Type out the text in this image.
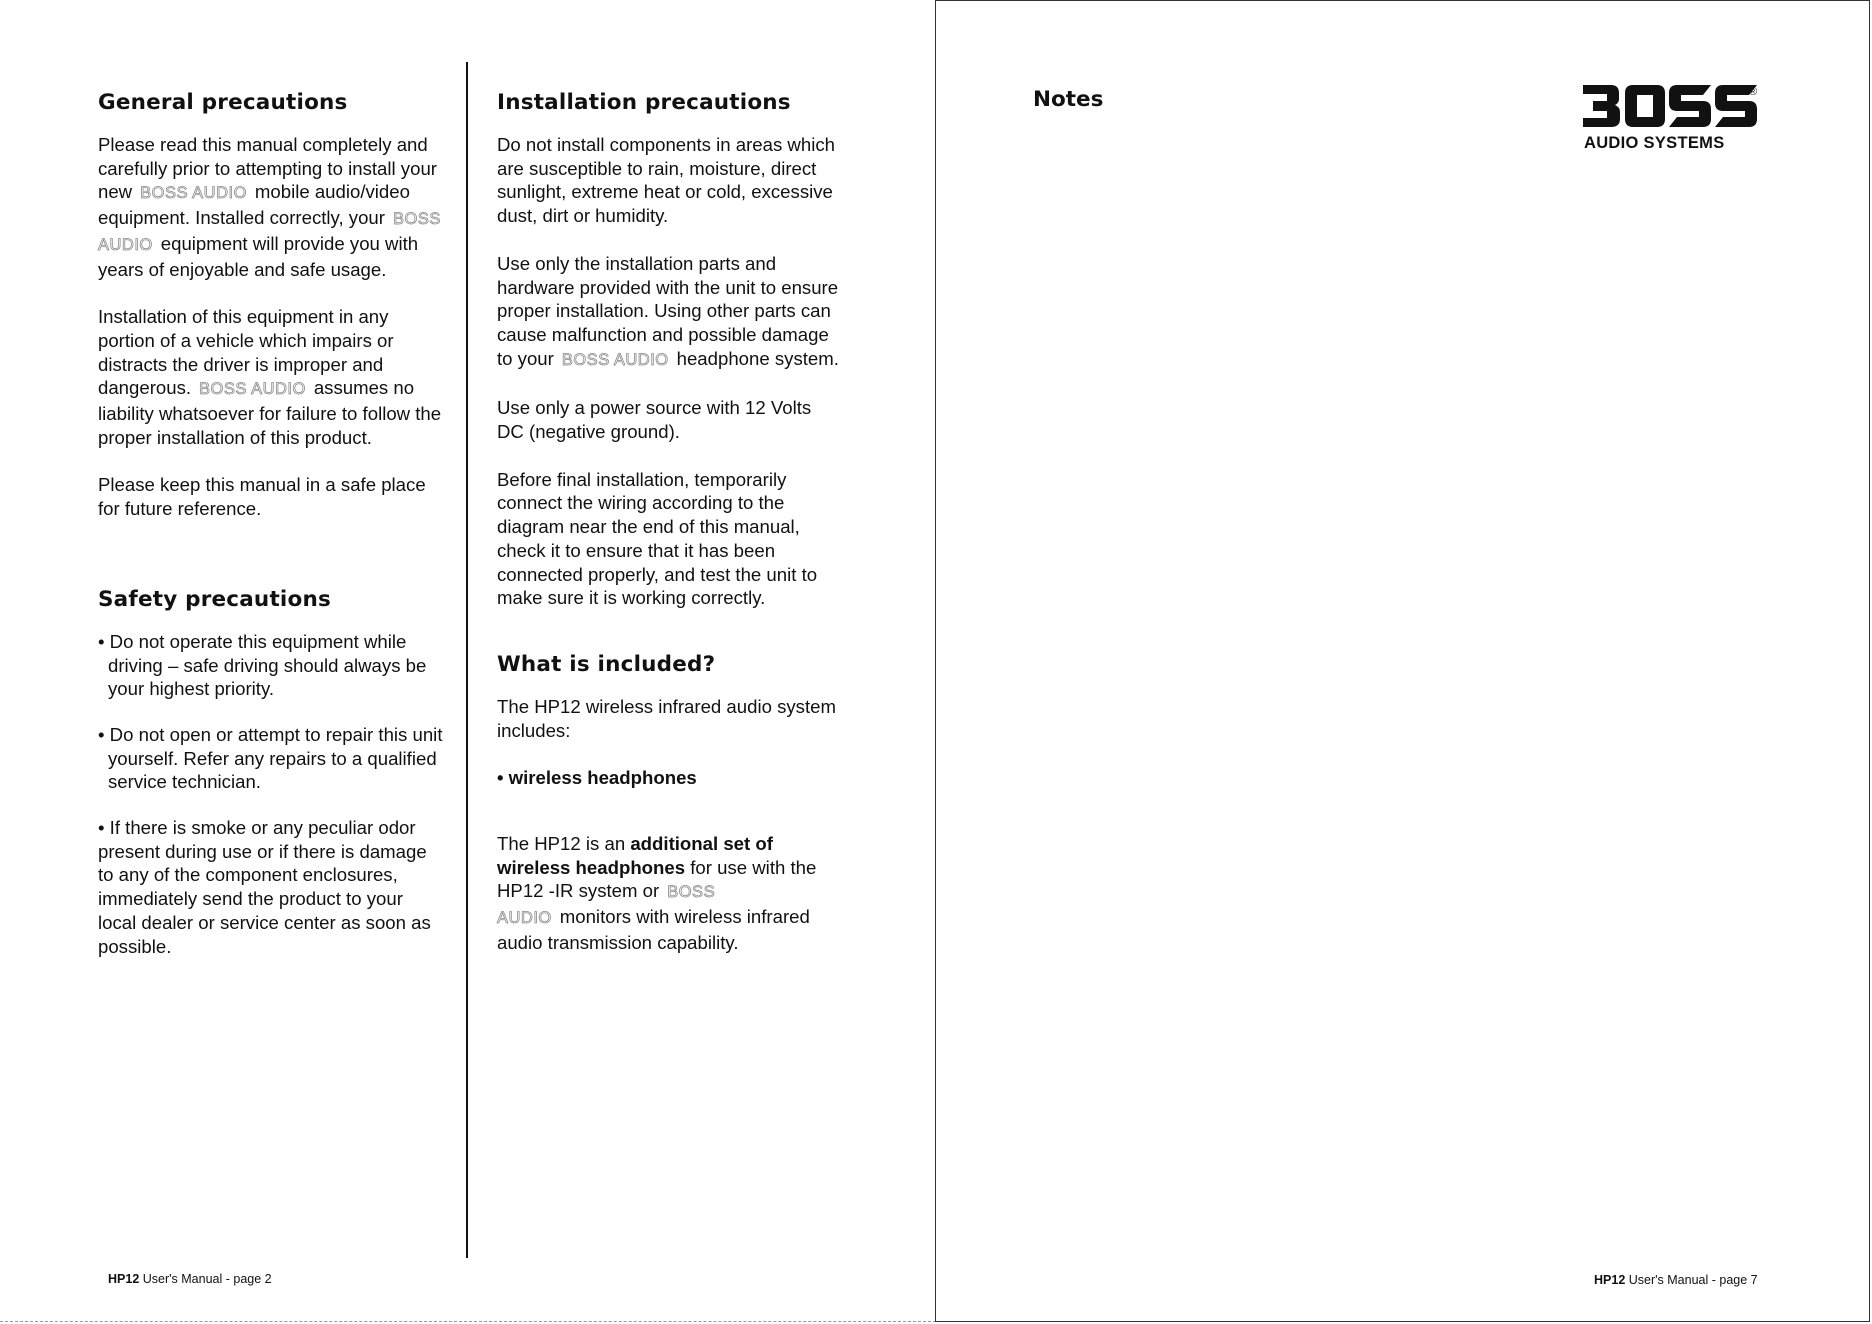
General precautions

Please read this manual completely and carefully prior to attempting to install your new BOSS AUDIO mobile audio/video equipment. Installed correctly, your BOSS AUDIO equipment will provide you with years of enjoyable and safe usage.

Installation of this equipment in any portion of a vehicle which impairs or distracts the driver is improper and dangerous. BOSS AUDIO assumes no liability whatsoever for failure to follow the proper installation of this product.

Please keep this manual in a safe place for future reference.

Safety precautions

• Do not operate this equipment while driving – safe driving should always be your highest priority.

• Do not open or attempt to repair this unit yourself. Refer any repairs to a qualified service technician.

• If there is smoke or any peculiar odor present during use or if there is damage to any of the component enclosures, immediately send the product to your local dealer or service center as soon as possible.

Installation precautions

Do not install components in areas which are susceptible to rain, moisture, direct sunlight, extreme heat or cold, excessive dust, dirt or humidity.

Use only the installation parts and hardware provided with the unit to ensure proper installation. Using other parts can cause malfunction and possible damage to your BOSS AUDIO headphone system.

Use only a power source with 12 Volts DC (negative ground).

Before final installation, temporarily connect the wiring according to the diagram near the end of this manual, check it to ensure that it has been connected properly, and test the unit to make sure it is working correctly.

What is included?

The HP12 wireless infrared audio system includes:

• wireless headphones

The HP12 is an additional set of wireless headphones for use with the HP12 -IR system or BOSS AUDIO monitors with wireless infrared audio transmission capability.

HP12 User's Manual - page 2
Notes	®
AUDIO SYSTEMS
HP12 User's Manual - page 7
